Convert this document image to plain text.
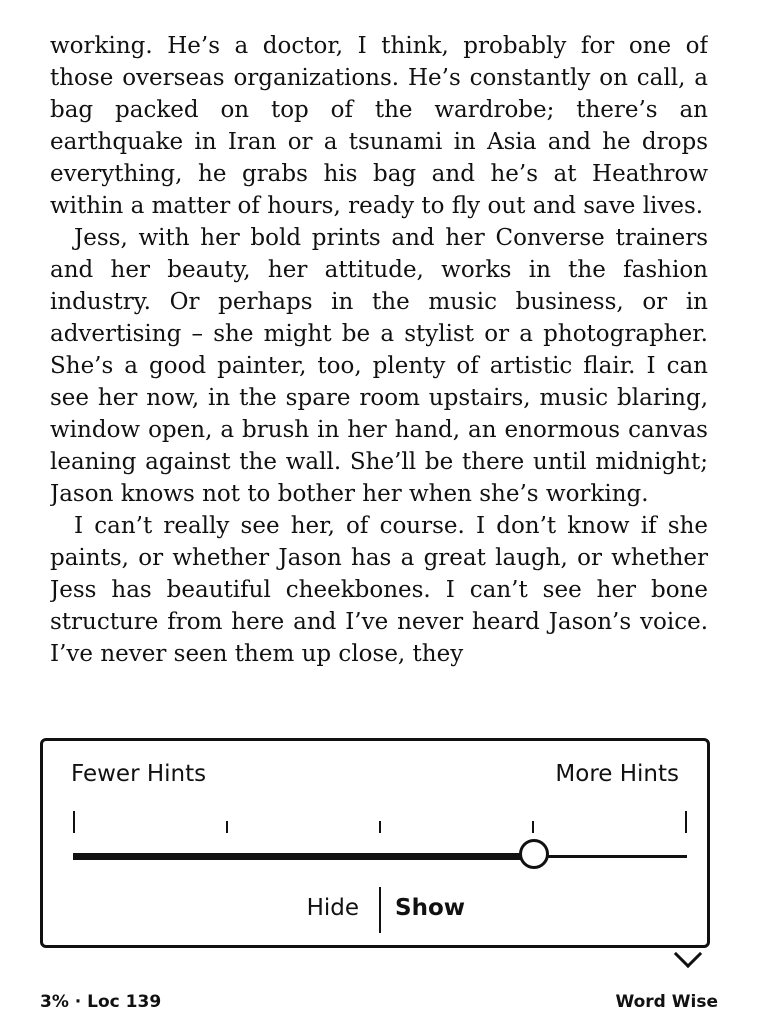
working. He’s a doctor, I think, probably for one of those overseas organizations. He’s constantly on call, a bag packed on top of the wardrobe; there’s an earthquake in Iran or a tsunami in Asia and he drops everything, he grabs his bag and he’s at Heathrow within a matter of hours, ready to fly out and save lives.

Jess, with her bold prints and her Converse trainers and her beauty, her attitude, works in the fashion industry. Or perhaps in the music business, or in advertising – she might be a stylist or a photographer. She’s a good painter, too, plenty of artistic flair. I can see her now, in the spare room upstairs, music blaring, window open, a brush in her hand, an enormous canvas leaning against the wall. She’ll be there until midnight; Jason knows not to bother her when she’s working.

I can’t really see her, of course. I don’t know if she paints, or whether Jason has a great laugh, or whether Jess has beautiful cheekbones. I can’t see her bone structure from here and I’ve never heard Jason’s voice. I’ve never seen them up close, they

Fewer Hints	More Hints
Hide Show
3% · Loc 139	Word Wise
